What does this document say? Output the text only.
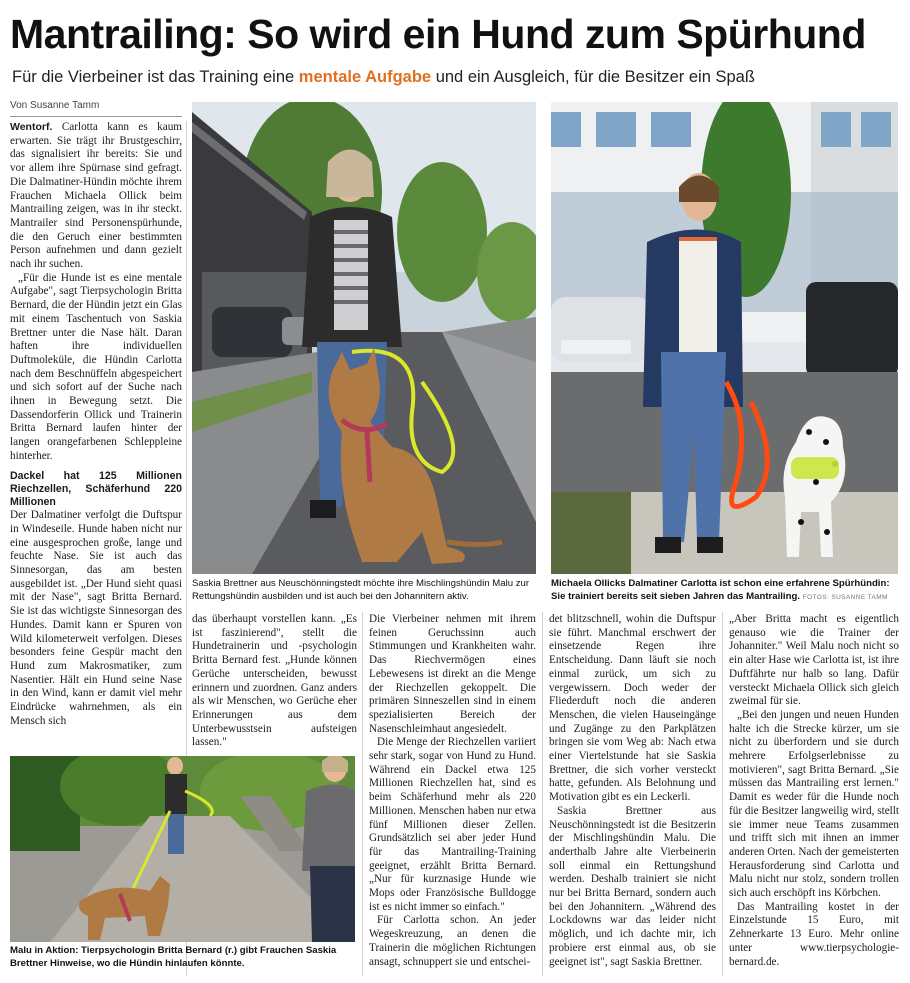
Mantrailing: So wird ein Hund zum Spürhund
Für die Vierbeiner ist das Training eine mentale Aufgabe und ein Ausgleich, für die Besitzer ein Spaß
Von Susanne Tamm

Wentorf. Carlotta kann es kaum erwarten. Sie trägt ihr Brustgeschirr, das signalisiert ihr bereits: Sie und vor allem ihre Spürnase sind gefragt. Die Dalmatiner-Hündin möchte ihrem Frauchen Michaela Ollick beim Mantrailing zeigen, was in ihr steckt. Mantrailer sind Personenspürhunde, die den Geruch einer bestimmten Person aufnehmen und dann gezielt nach ihr suchen.

„Für die Hunde ist es eine mentale Aufgabe", sagt Tierpsychologin Britta Bernard, die der Hündin jetzt ein Glas mit einem Taschentuch von Saskia Brettner unter die Nase hält. Daran haften ihre individuellen Duftmoleküle, die Hündin Carlotta nach dem Beschnüffeln abgespeichert und sich sofort auf der Suche nach ihnen in Bewegung setzt. Die Dassendorferin Ollick und Trainerin Britta Bernard laufen hinter der langen orangefarbenen Schleppleine hinterher.

Dackel hat 125 Millionen Riechzellen, Schäferhund 220 Millionen

Der Dalmatiner verfolgt die Duftspur in Windeseile. Hunde haben nicht nur eine ausgesprochen große, lange und feuchte Nase. Sie ist auch das Sinnesorgan, das am besten ausgebildet ist. „Der Hund sieht quasi mit der Nase", sagt Britta Bernard. Sie ist das wichtigste Sinnesorgan des Hundes. Damit kann er Spuren von Wild kilometerweit verfolgen. Dieses besonders feine Gespür macht den Hund zum Makrosmatiker, zum Nasentier. Hält ein Hund seine Nase in den Wind, kann er damit viel mehr Eindrücke wahrnehmen, als ein Mensch sich

Saskia Brettner aus Neuschönningstedt möchte ihre Mischlingshündin Malu zur Rettungshündin ausbilden und ist auch bei den Johannitern aktiv.
Michaela Ollicks Dalmatiner Carlotta ist schon eine erfahrene Spürhündin: Sie trainiert bereits seit sieben Jahren das Mantrailing. FOTOS: SUSANNE TAMM
Malu in Aktion: Tierpsychologin Britta Bernard (r.) gibt Frauchen Saskia Brettner Hinweise, wo die Hündin hinlaufen könnte.

das überhaupt vorstellen kann. „Es ist faszinierend", stellt die Hundetrainerin und -psychologin Britta Bernard fest. „Hunde können Gerüche unterscheiden, bewusst erinnern und zuordnen. Ganz anders als wir Menschen, wo Gerüche eher Erinnerungen aus dem Unterbewusstsein aufsteigen lassen."

Die Vierbeiner nehmen mit ihrem feinen Geruchssinn auch Stimmungen und Krankheiten wahr. Das Riechvermögen eines Lebewesens ist direkt an die Menge der Riechzellen gekoppelt. Die primären Sinneszellen sind in einem spezialisierten Bereich der Nasenschleimhaut angesiedelt.

Die Menge der Riechzellen variiert sehr stark, sogar von Hund zu Hund. Während ein Dackel etwa 125 Millionen Riechzellen hat, sind es beim Schäferhund mehr als 220 Millionen. Menschen haben nur etwa fünf Millionen dieser Zellen. Grundsätzlich sei aber jeder Hund für das Mantrailing-Training geeignet, erzählt Britta Bernard. „Nur für kurznasige Hunde wie Mops oder Französische Bulldogge ist es nicht immer so einfach."

Für Carlotta schon. An jeder Wegeskreuzung, an denen die Trainerin die möglichen Richtungen ansagt, schnuppert sie und entschei-

det blitzschnell, wohin die Duftspur sie führt. Manchmal erschwert der einsetzende Regen ihre Entscheidung. Dann läuft sie noch einmal zurück, um sich zu vergewissern. Doch weder der Fliederduft noch die anderen Menschen, die vielen Hauseingänge und Zugänge zu den Parkplätzen bringen sie vom Weg ab: Nach etwa einer Viertelstunde hat sie Saskia Brettner, die sich vorher versteckt hatte, gefunden. Als Belohnung und Motivation gibt es ein Leckerli.

Saskia Brettner aus Neuschönningstedt ist die Besitzerin der Mischlingshündin Malu. Die anderthalb Jahre alte Vierbeinerin soll einmal ein Rettungshund werden. Deshalb trainiert sie nicht nur bei Britta Bernard, sondern auch bei den Johannitern. „Während des Lockdowns war das leider nicht möglich, und ich dachte mir, ich probiere erst einmal aus, ob sie geeignet ist", sagt Saskia Brettner.

„Aber Britta macht es eigentlich genauso wie die Trainer der Johanniter." Weil Malu noch nicht so ein alter Hase wie Carlotta ist, ist ihre Duftfährte nur halb so lang. Dafür versteckt Michaela Ollick sich gleich zweimal für sie.

„Bei den jungen und neuen Hunden halte ich die Strecke kürzer, um sie nicht zu überfordern und sie durch mehrere Erfolgserlebnisse zu motivieren", sagt Britta Bernard. „Sie müssen das Mantrailing erst lernen." Damit es weder für die Hunde noch für die Besitzer langweilig wird, stellt sie immer neue Teams zusammen und trifft sich mit ihnen an immer anderen Orten. Nach der gemeisterten Herausforderung sind Carlotta und Malu nicht nur stolz, sondern trollen sich auch erschöpft ins Körbchen.

Das Mantrailing kostet in der Einzelstunde 15 Euro, mit Zehnerkarte 13 Euro. Mehr online unter www.tierpsychologie-bernard.de.
